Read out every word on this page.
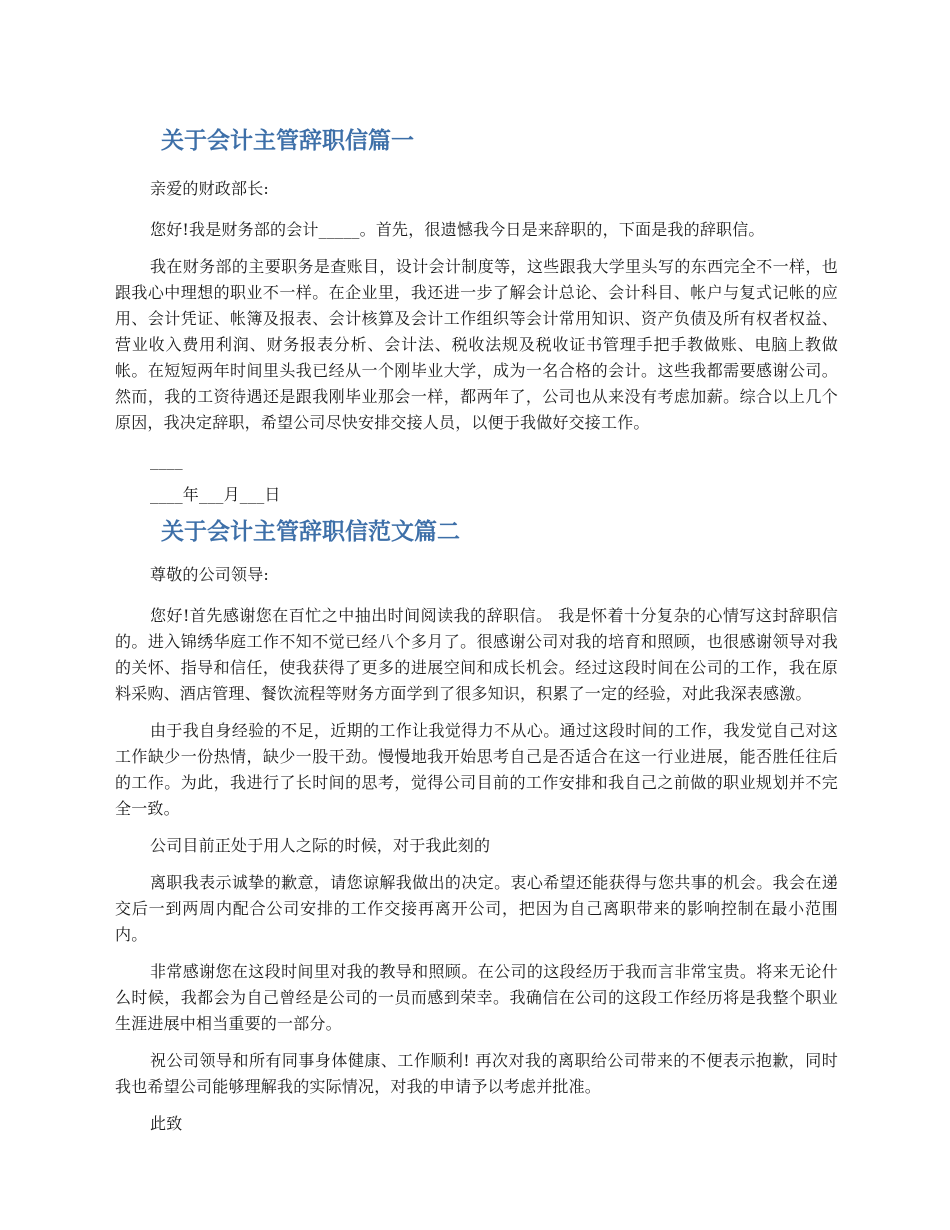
关于会计主管辞职信篇一

亲爱的财政部长:

您好!我是财务部的会计_____。首先，很遗憾我今日是来辞职的，下面是我的辞职信。

我在财务部的主要职务是查账目，设计会计制度等，这些跟我大学里头写的东西完全不一样，也跟我心中理想的职业不一样。在企业里，我还进一步了解会计总论、会计科目、帐户与复式记帐的应用、会计凭证、帐簿及报表、会计核算及会计工作组织等会计常用知识、资产负债及所有权者权益、营业收入费用利润、财务报表分析、会计法、税收法规及税收证书管理手把手教做账、电脑上教做帐。在短短两年时间里头我已经从一个刚毕业大学，成为一名合格的会计。这些我都需要感谢公司。然而，我的工资待遇还是跟我刚毕业那会一样，都两年了，公司也从来没有考虑加薪。综合以上几个原因，我决定辞职，希望公司尽快安排交接人员，以便于我做好交接工作。

____

____年___月___日

关于会计主管辞职信范文篇二

尊敬的公司领导:

您好!首先感谢您在百忙之中抽出时间阅读我的辞职信。 我是怀着十分复杂的心情写这封辞职信的。进入锦绣华庭工作不知不觉已经八个多月了。很感谢公司对我的培育和照顾，也很感谢领导对我的关怀、指导和信任，使我获得了更多的进展空间和成长机会。经过这段时间在公司的工作，我在原料采购、酒店管理、餐饮流程等财务方面学到了很多知识，积累了一定的经验，对此我深表感激。

由于我自身经验的不足，近期的工作让我觉得力不从心。通过这段时间的工作，我发觉自己对这工作缺少一份热情，缺少一股干劲。慢慢地我开始思考自己是否适合在这一行业进展，能否胜任往后的工作。为此，我进行了长时间的思考，觉得公司目前的工作安排和我自己之前做的职业规划并不完全一致。

公司目前正处于用人之际的时候，对于我此刻的

离职我表示诚挚的歉意，请您谅解我做出的决定。衷心希望还能获得与您共事的机会。我会在递交后一到两周内配合公司安排的工作交接再离开公司，把因为自己离职带来的影响控制在最小范围内。

非常感谢您在这段时间里对我的教导和照顾。在公司的这段经历于我而言非常宝贵。将来无论什么时候，我都会为自己曾经是公司的一员而感到荣幸。我确信在公司的这段工作经历将是我整个职业生涯进展中相当重要的一部分。

祝公司领导和所有同事身体健康、工作顺利! 再次对我的离职给公司带来的不便表示抱歉，同时我也希望公司能够理解我的实际情况，对我的申请予以考虑并批准。

此致
